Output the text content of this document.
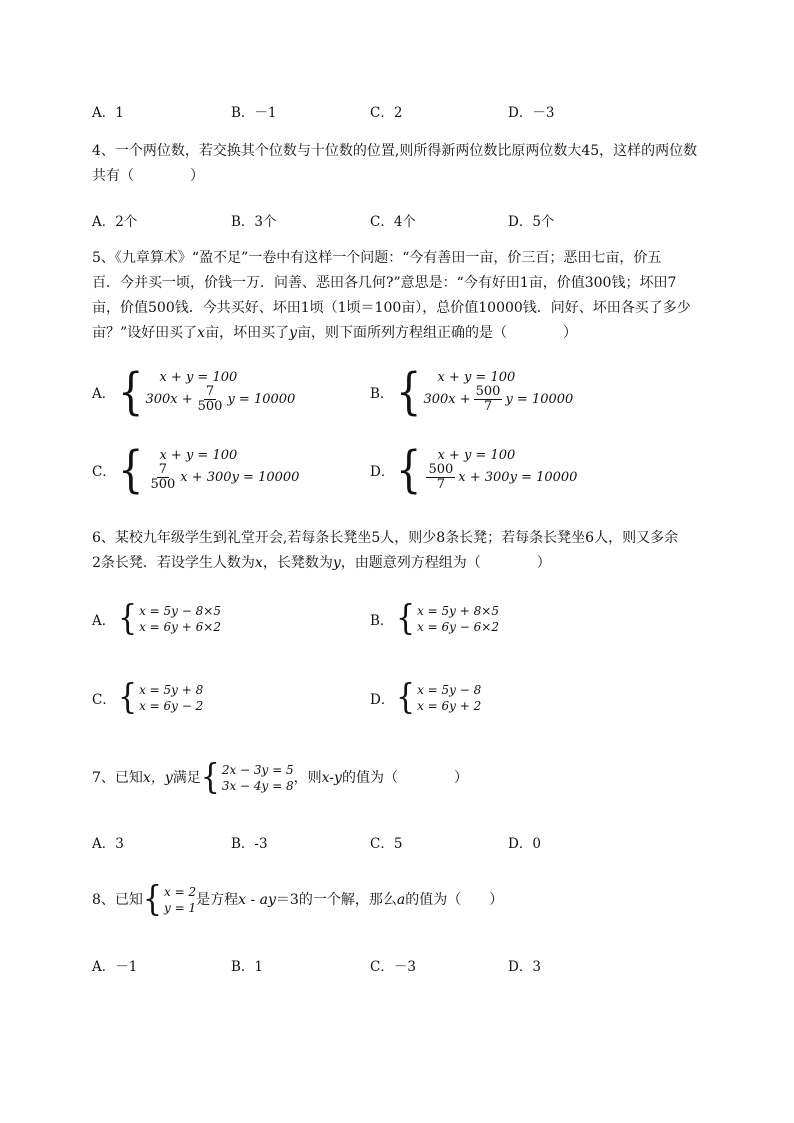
A．1	B．－1	C．2	D．－3
4、一个两位数，若交换其个位数与十位数的位置,则所得新两位数比原两位数大45，这样的两位数
共有（　　　　）
A．2个	B．3个	C．4个	D．5个
5、《九章算术》“盈不足”一卷中有这样一个问题：“今有善田一亩，价三百；恶田七亩，价五
百．今并买一顷，价钱一万．问善、恶田各几何?”意思是：“今有好田1亩，价值300钱；坏田7
亩，价值500钱．今共买好、坏田1顷（1顷＝100亩），总价值10000钱．问好、坏田各买了多少
亩？”设好田买了x亩，坏田买了y亩，则下面所列方程组正确的是（　　　　）
A． {	x + y = 100
$300x + \frac{7}{500}$ y = 10000	B． {	x + y = 100
$300x + \frac{500}{7}$ y = 10000
C． {	x + y = 100
$\frac{7}{500}$ x + 300y = 10000	D． {	x + y = 100
$\frac{500}{7}$ x + 300y = 10000
6、某校九年级学生到礼堂开会,若每条长凳坐5人，则少8条长凳；若每条长凳坐6人，则又多余
2条长凳．若设学生人数为x，长凳数为y，由题意列方程组为（　　　　）
A． { x = 5y − 8×5
x = 6y + 6×2	B． { x = 5y + 8×5
x = 6y − 6×2
C． { x = 5y + 8
x = 6y − 2	D． { x = 5y − 8
x = 6y + 2
7、已知 x，y 满足 { 2x − 3y = 5
3x − 4y = 8 ，则 x-y 的值为（　　　　）
A．3	B．-3	C．5	D．0
8、已知 { x = 2
y = 1 是方程 x - ay ＝3的一个解，那么 a 的值为（　　）
A．－1	B．1	C．－3	D．3
